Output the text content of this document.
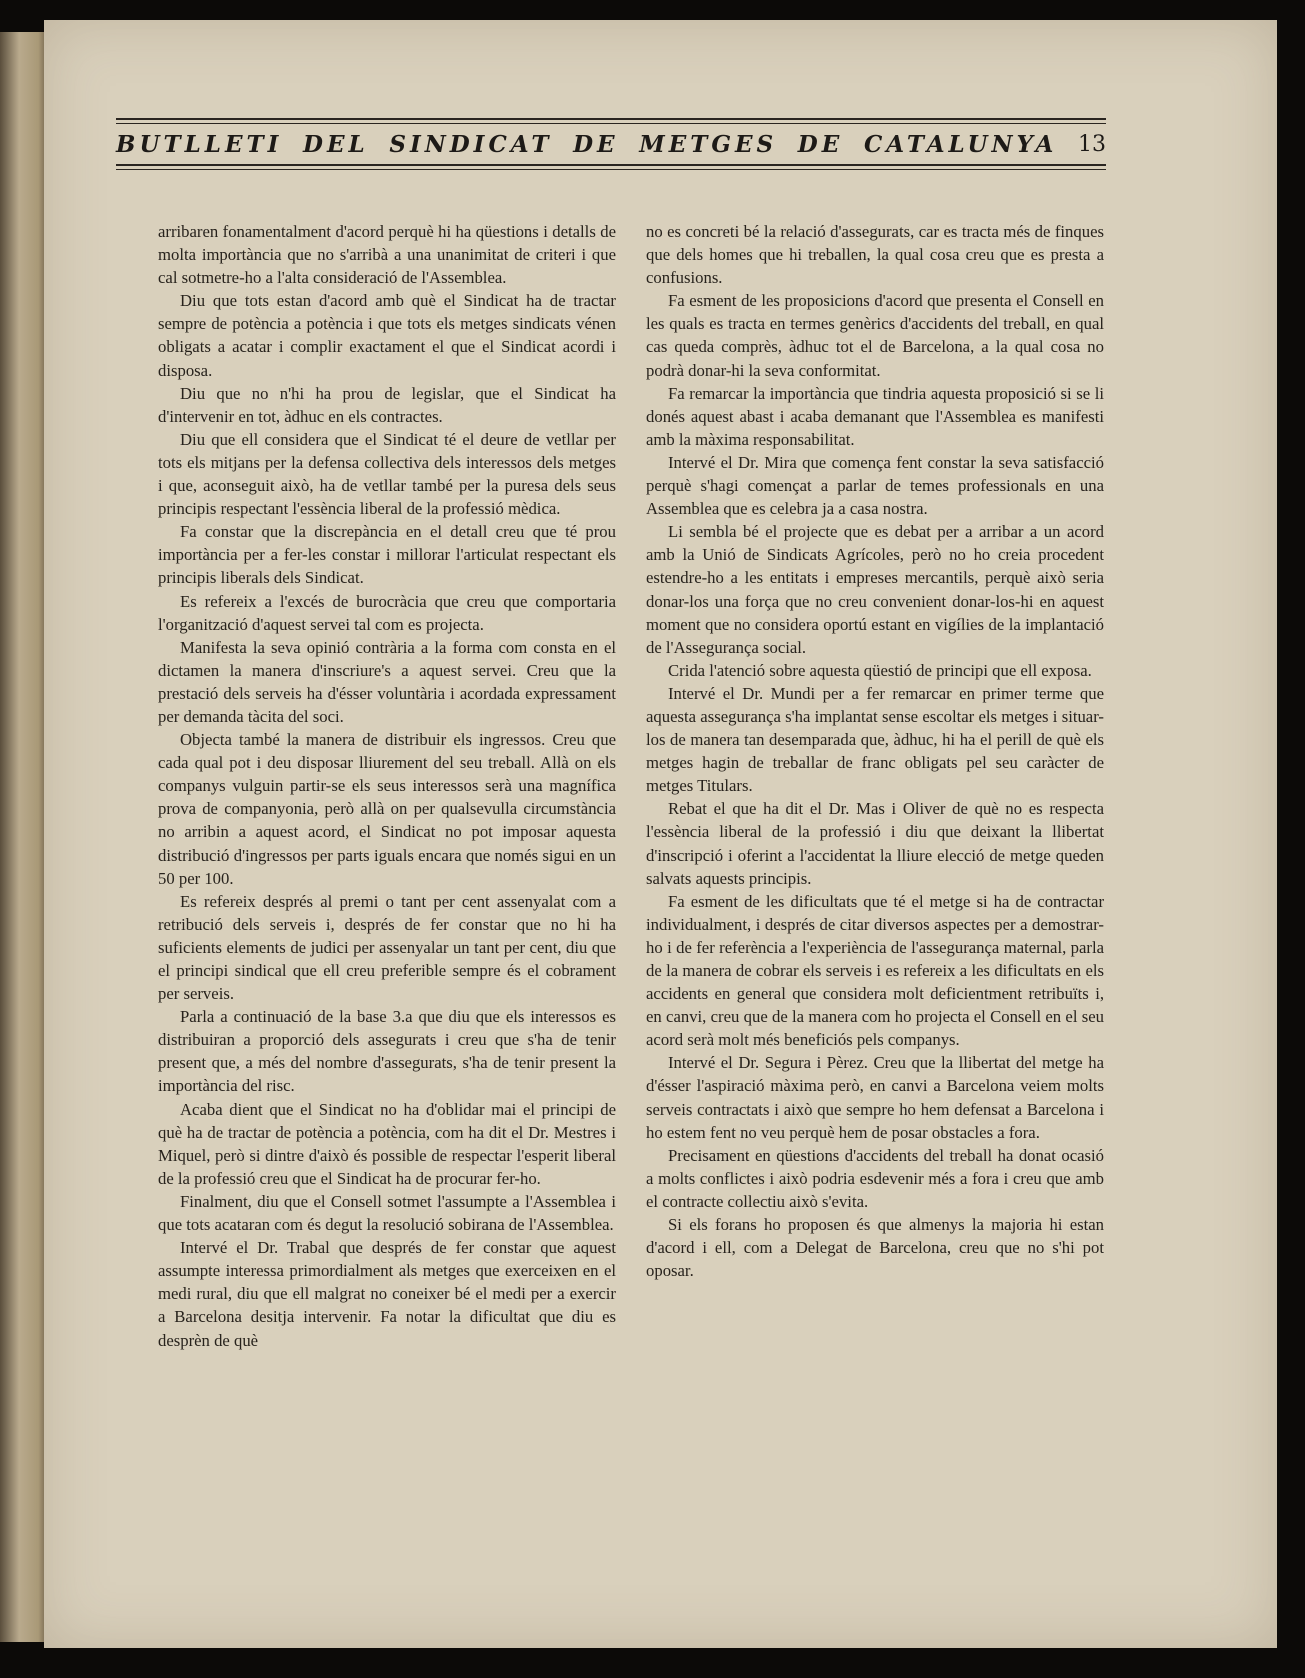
BUTLLETI DEL SINDICAT DE METGES DE CATALUNYA 13

arribaren fonamentalment d'acord perquè hi ha qüestions i detalls de molta importància que no s'arribà a una unanimitat de criteri i que cal sotmetre-ho a l'alta consideració de l'Assemblea.

Diu que tots estan d'acord amb què el Sindicat ha de tractar sempre de potència a potència i que tots els metges sindicats vénen obligats a acatar i complir exactament el que el Sindicat acordi i disposa.

Diu que no n'hi ha prou de legislar, que el Sindicat ha d'intervenir en tot, àdhuc en els contractes.

Diu que ell considera que el Sindicat té el deure de vetllar per tots els mitjans per la defensa collectiva dels interessos dels metges i que, aconseguit això, ha de vetllar també per la puresa dels seus principis respectant l'essència liberal de la professió mèdica.

Fa constar que la discrepància en el detall creu que té prou importància per a fer-les constar i millorar l'articulat respectant els principis liberals dels Sindicat.

Es refereix a l'excés de burocràcia que creu que comportaria l'organització d'aquest servei tal com es projecta.

Manifesta la seva opinió contrària a la forma com consta en el dictamen la manera d'inscriure's a aquest servei. Creu que la prestació dels serveis ha d'ésser voluntària i acordada expressament per demanda tàcita del soci.

Objecta també la manera de distribuir els ingressos. Creu que cada qual pot i deu disposar lliurement del seu treball. Allà on els companys vulguin partir-se els seus interessos serà una magnífica prova de companyonia, però allà on per qualsevulla circumstància no arribin a aquest acord, el Sindicat no pot imposar aquesta distribució d'ingressos per parts iguals encara que només sigui en un 50 per 100.

Es refereix després al premi o tant per cent assenyalat com a retribució dels serveis i, després de fer constar que no hi ha suficients elements de judici per assenyalar un tant per cent, diu que el principi sindical que ell creu preferible sempre és el cobrament per serveis.

Parla a continuació de la base 3.a que diu que els interessos es distribuiran a proporció dels assegurats i creu que s'ha de tenir present que, a més del nombre d'assegurats, s'ha de tenir present la importància del risc.

Acaba dient que el Sindicat no ha d'oblidar mai el principi de què ha de tractar de potència a potència, com ha dit el Dr. Mestres i Miquel, però si dintre d'això és possible de respectar l'esperit liberal de la professió creu que el Sindicat ha de procurar fer-ho.

Finalment, diu que el Consell sotmet l'assumpte a l'Assemblea i que tots acataran com és degut la resolució sobirana de l'Assemblea.

Intervé el Dr. Trabal que després de fer constar que aquest assumpte interessa primordialment als metges que exerceixen en el medi rural, diu que ell malgrat no coneixer bé el medi per a exercir a Barcelona desitja intervenir. Fa notar la dificultat que diu es desprèn de què

no es concreti bé la relació d'assegurats, car es tracta més de finques que dels homes que hi treballen, la qual cosa creu que es presta a confusions.

Fa esment de les proposicions d'acord que presenta el Consell en les quals es tracta en termes genèrics d'accidents del treball, en qual cas queda comprès, àdhuc tot el de Barcelona, a la qual cosa no podrà donar-hi la seva conformitat.

Fa remarcar la importància que tindria aquesta proposició si se li donés aquest abast i acaba demanant que l'Assemblea es manifesti amb la màxima responsabilitat.

Intervé el Dr. Mira que comença fent constar la seva satisfacció perquè s'hagi començat a parlar de temes professionals en una Assemblea que es celebra ja a casa nostra.

Li sembla bé el projecte que es debat per a arribar a un acord amb la Unió de Sindicats Agrícoles, però no ho creia procedent estendre-ho a les entitats i empreses mercantils, perquè això seria donar-los una força que no creu convenient donar-los-hi en aquest moment que no considera oportú estant en vigílies de la implantació de l'Assegurança social.

Crida l'atenció sobre aquesta qüestió de principi que ell exposa.

Intervé el Dr. Mundi per a fer remarcar en primer terme que aquesta assegurança s'ha implantat sense escoltar els metges i situar-los de manera tan desemparada que, àdhuc, hi ha el perill de què els metges hagin de treballar de franc obligats pel seu caràcter de metges Titulars.

Rebat el que ha dit el Dr. Mas i Oliver de què no es respecta l'essència liberal de la professió i diu que deixant la llibertat d'inscripció i oferint a l'accidentat la lliure elecció de metge queden salvats aquests principis.

Fa esment de les dificultats que té el metge si ha de contractar individualment, i després de citar diversos aspectes per a demostrar-ho i de fer referència a l'experiència de l'assegurança maternal, parla de la manera de cobrar els serveis i es refereix a les dificultats en els accidents en general que considera molt deficientment retribuïts i, en canvi, creu que de la manera com ho projecta el Consell en el seu acord serà molt més beneficiós pels companys.

Intervé el Dr. Segura i Pèrez. Creu que la llibertat del metge ha d'ésser l'aspiració màxima però, en canvi a Barcelona veiem molts serveis contractats i això que sempre ho hem defensat a Barcelona i ho estem fent no veu perquè hem de posar obstacles a fora.

Precisament en qüestions d'accidents del treball ha donat ocasió a molts conflictes i això podria esdevenir més a fora i creu que amb el contracte collectiu això s'evita.

Si els forans ho proposen és que almenys la majoria hi estan d'acord i ell, com a Delegat de Barcelona, creu que no s'hi pot oposar.
